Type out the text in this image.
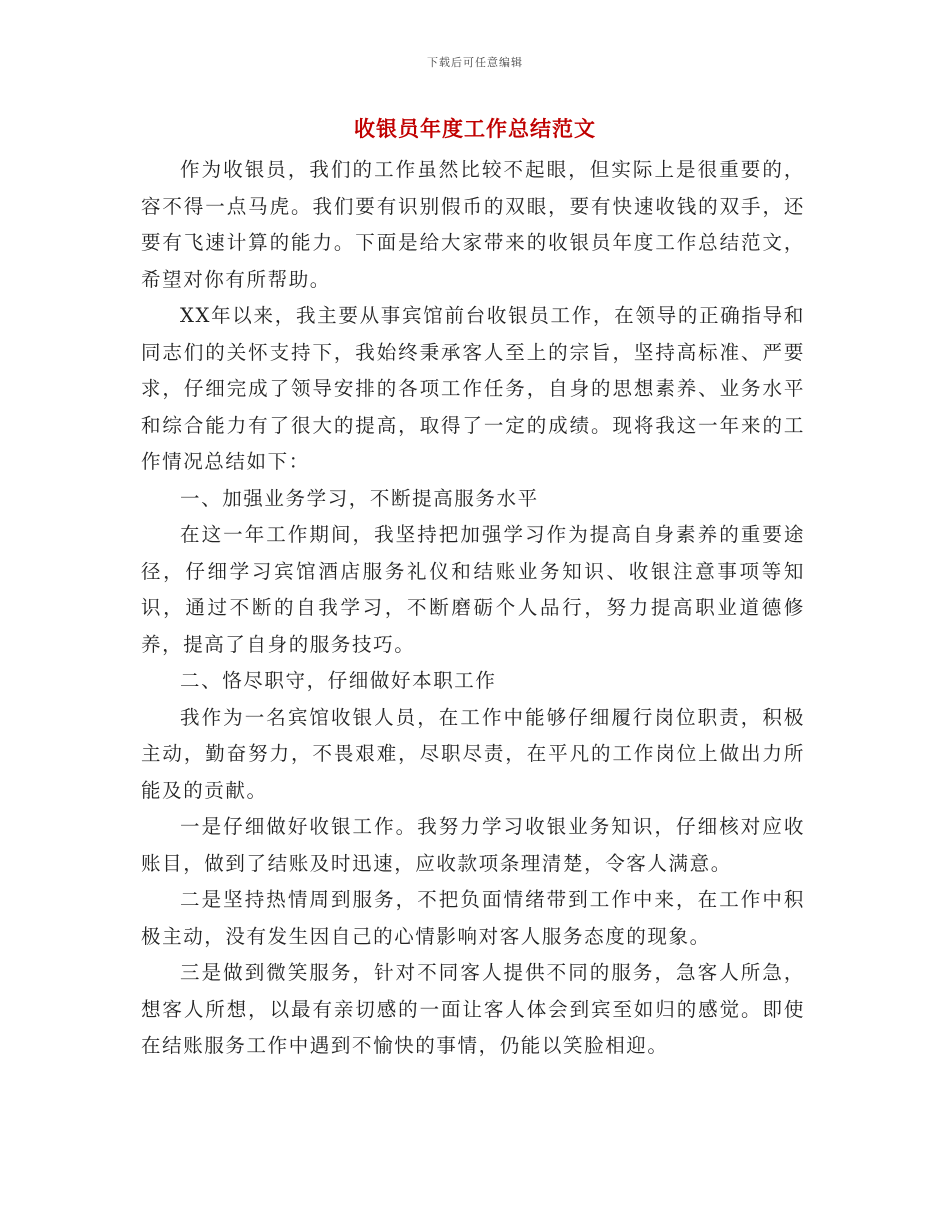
下载后可任意编辑
收银员年度工作总结范文

作为收银员，我们的工作虽然比较不起眼，但实际上是很重要的，容不得一点马虎。我们要有识别假币的双眼，要有快速收钱的双手，还要有飞速计算的能力。下面是给大家带来的收银员年度工作总结范文，希望对你有所帮助。

XX年以来，我主要从事宾馆前台收银员工作，在领导的正确指导和同志们的关怀支持下，我始终秉承客人至上的宗旨，坚持高标准、严要求，仔细完成了领导安排的各项工作任务，自身的思想素养、业务水平和综合能力有了很大的提高，取得了一定的成绩。现将我这一年来的工作情况总结如下：

一、加强业务学习，不断提高服务水平

在这一年工作期间，我坚持把加强学习作为提高自身素养的重要途径，仔细学习宾馆酒店服务礼仪和结账业务知识、收银注意事项等知识，通过不断的自我学习，不断磨砺个人品行，努力提高职业道德修养，提高了自身的服务技巧。

二、恪尽职守，仔细做好本职工作

我作为一名宾馆收银人员，在工作中能够仔细履行岗位职责，积极主动，勤奋努力，不畏艰难，尽职尽责，在平凡的工作岗位上做出力所能及的贡献。

一是仔细做好收银工作。我努力学习收银业务知识，仔细核对应收账目，做到了结账及时迅速，应收款项条理清楚，令客人满意。

二是坚持热情周到服务，不把负面情绪带到工作中来，在工作中积极主动，没有发生因自己的心情影响对客人服务态度的现象。

三是做到微笑服务，针对不同客人提供不同的服务，急客人所急，想客人所想，以最有亲切感的一面让客人体会到宾至如归的感觉。即使在结账服务工作中遇到不愉快的事情，仍能以笑脸相迎。
